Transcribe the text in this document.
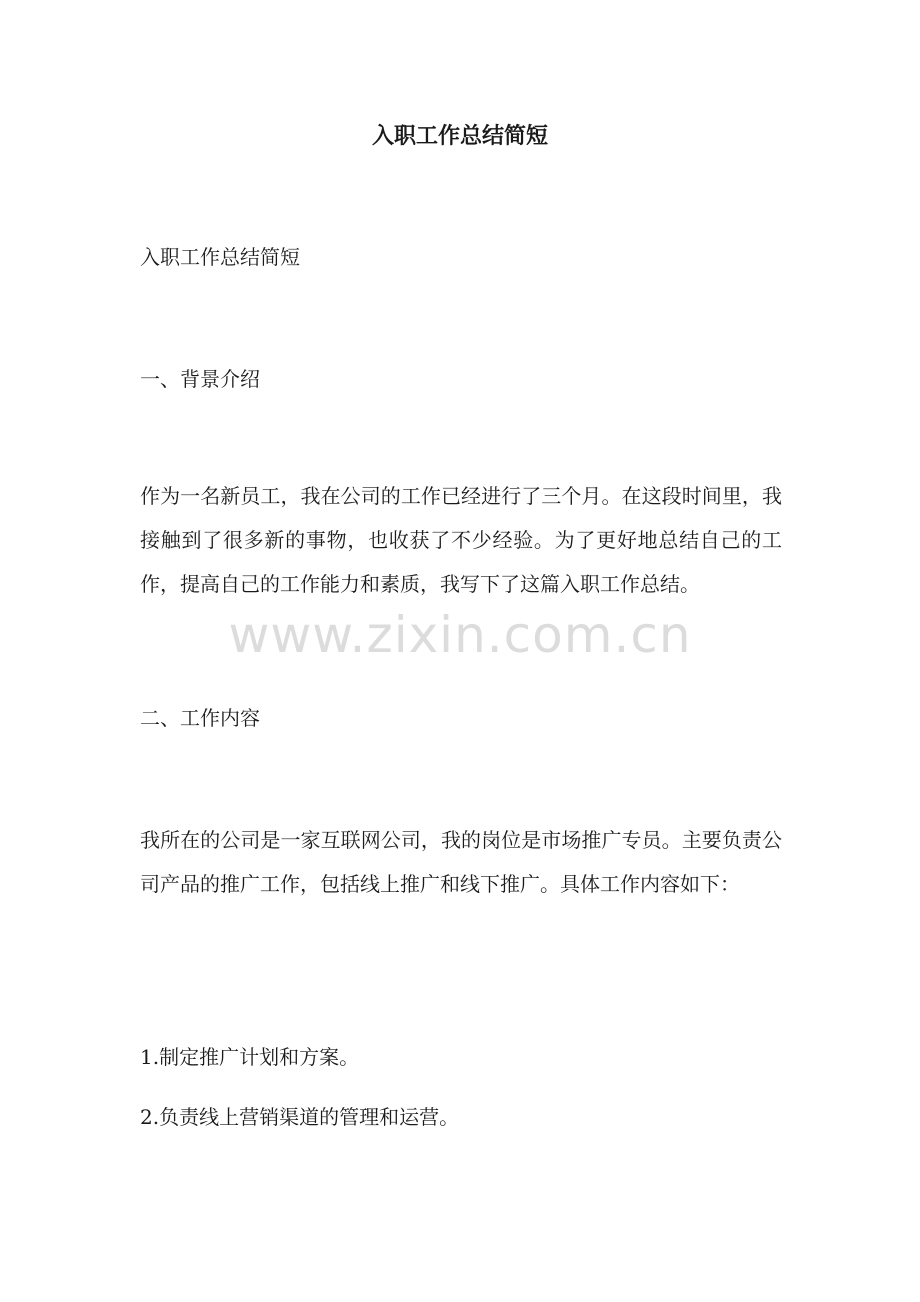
入职工作总结简短
入职工作总结简短
一、背景介绍
作为一名新员工，我在公司的工作已经进行了三个月。在这段时间里，我接触到了很多新的事物，也收获了不少经验。为了更好地总结自己的工作，提高自己的工作能力和素质，我写下了这篇入职工作总结。
www.zixin.com.cn
二、工作内容
我所在的公司是一家互联网公司，我的岗位是市场推广专员。主要负责公司产品的推广工作，包括线上推广和线下推广。具体工作内容如下：
1.制定推广计划和方案。
2.负责线上营销渠道的管理和运营。
